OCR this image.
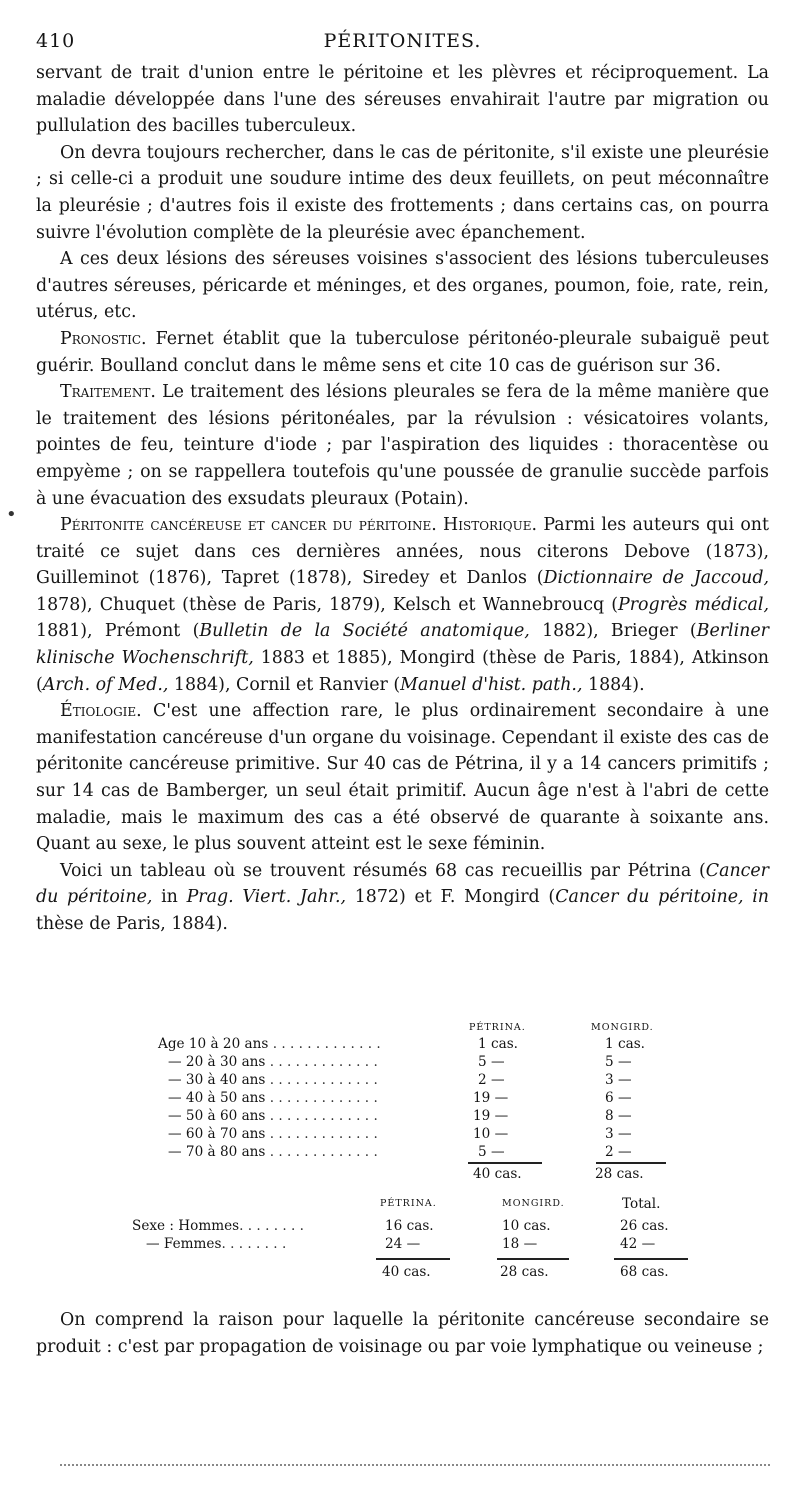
410	PÉRITONITES.

servant de trait d'union entre le péritoine et les plèvres et réciproquement. La maladie développée dans l'une des séreuses envahirait l'autre par migration ou pullulation des bacilles tuberculeux.

On devra toujours rechercher, dans le cas de péritonite, s'il existe une pleurésie ; si celle-ci a produit une soudure intime des deux feuillets, on peut méconnaître la pleurésie ; d'autres fois il existe des frottements ; dans certains cas, on pourra suivre l'évolution complète de la pleurésie avec épanchement.

A ces deux lésions des séreuses voisines s'associent des lésions tuberculeuses d'autres séreuses, péricarde et méninges, et des organes, poumon, foie, rate, rein, utérus, etc.

Pronostic. Fernet établit que la tuberculose péritonéo-pleurale subaiguë peut guérir. Boulland conclut dans le même sens et cite 10 cas de guérison sur 36.

Traitement. Le traitement des lésions pleurales se fera de la même manière que le traitement des lésions péritonéales, par la révulsion : vésicatoires volants, pointes de feu, teinture d'iode ; par l'aspiration des liquides : thoracentèse ou empyème ; on se rappellera toutefois qu'une poussée de granulie succède parfois à une évacuation des exsudats pleuraux (Potain).

Péritonite cancéreuse et cancer du péritoine. Historique. Parmi les auteurs qui ont traité ce sujet dans ces dernières années, nous citerons Debove (1873), Guilleminot (1876), Tapret (1878), Siredey et Danlos (Dictionnaire de Jaccoud, 1878), Chuquet (thèse de Paris, 1879), Kelsch et Wannebroucq (Progrès médical, 1881), Prémont (Bulletin de la Société anatomique, 1882), Brieger (Berliner klinische Wochenschrift, 1883 et 1885), Mongird (thèse de Paris, 1884), Atkinson (Arch. of Med., 1884), Cornil et Ranvier (Manuel d'hist. path., 1884).

Étiologie. C'est une affection rare, le plus ordinairement secondaire à une manifestation cancéreuse d'un organe du voisinage. Cependant il existe des cas de péritonite cancéreuse primitive. Sur 40 cas de Pétrina, il y a 14 cancers primitifs ; sur 14 cas de Bamberger, un seul était primitif. Aucun âge n'est à l'abri de cette maladie, mais le maximum des cas a été observé de quarante à soixante ans. Quant au sexe, le plus souvent atteint est le sexe féminin.

Voici un tableau où se trouvent résumés 68 cas recueillis par Pétrina (Cancer du péritoine, in Prag. Viert. Jahr., 1872) et F. Mongird (Cancer du péritoine, in thèse de Paris, 1884).

•
PÉTRINA.	MONGIRD.
Age 10 à 20 ans . . . . . . . . . . . . .	1 cas.	1 cas.
— 20 à 30 ans . . . . . . . . . . . . .	5 —	5 —
— 30 à 40 ans . . . . . . . . . . . . .	2 —	3 —
— 40 à 50 ans . . . . . . . . . . . . .	19 —	6 —
— 50 à 60 ans . . . . . . . . . . . . .	19 —	8 —
— 60 à 70 ans . . . . . . . . . . . . .	10 —	3 —
— 70 à 80 ans . . . . . . . . . . . . .	5 —	2 —
40 cas.	28 cas.
PÉTRINA.	MONGIRD.	Total.
Sexe : Hommes. . . . . . . .	16 cas.	10 cas.	26 cas.
— Femmes. . . . . . . .	24 —	18 —	42 —
40 cas.	28 cas.	68 cas.

On comprend la raison pour laquelle la péritonite cancéreuse secondaire se produit : c'est par propagation de voisinage ou par voie lymphatique ou veineuse ;
